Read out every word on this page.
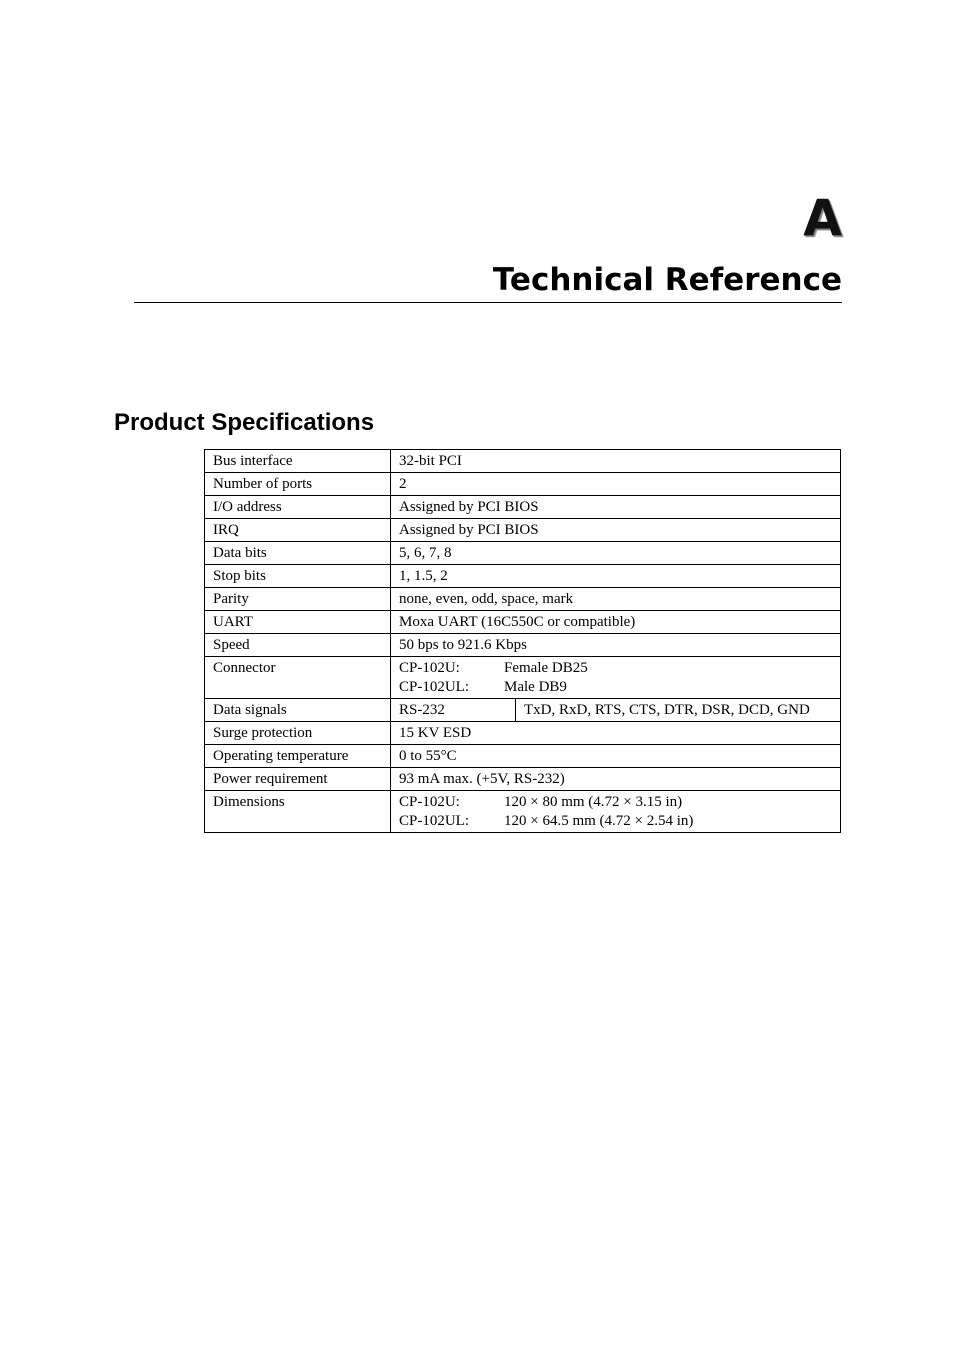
A
Technical Reference
Product Specifications
Bus interface	32-bit PCI	
Number of ports	2	
I/O address	Assigned by PCI BIOS	
IRQ	Assigned by PCI BIOS	
Data bits	5, 6, 7, 8	
Stop bits	1, 1.5, 2	
Parity	none, even, odd, space, mark	
UART	Moxa UART (16C550C or compatible)	
Speed	50 bps to 921.6 Kbps	
Connector	CP-102U: Female DB25
CP-102UL: Male DB9	

Data signals	RS-232	TxD, RxD, RTS, CTS, DTR, DSR, DCD, GND
Surge protection	15 KV ESD	
Operating temperature	0 to 55°C	
Power requirement	93 mA max. (+5V, RS-232)	
Dimensions	CP-102U: 120 × 80 mm (4.72 × 3.15 in)
CP-102UL: 120 × 64.5 mm (4.72 × 2.54 in)	
